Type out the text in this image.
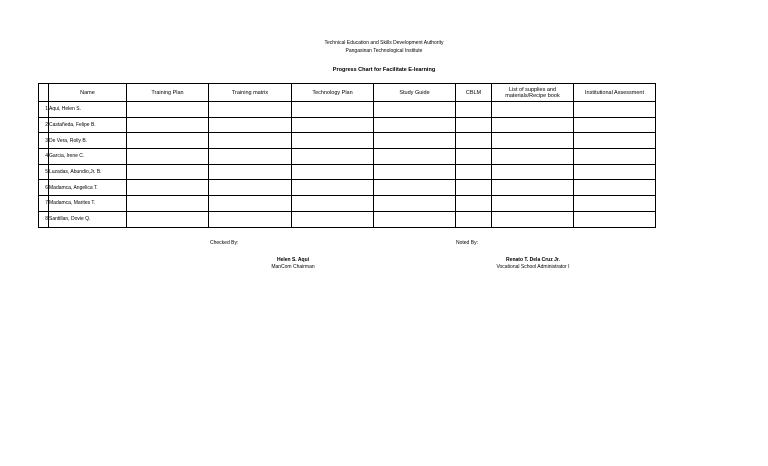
Technical Education and Skills Development Authority
Pangasinan Technological Institute
Progress Chart for Facilitate E-learning
	Name	Training Plan	Training matrix	Technology Plan	Study Guide	CBLM	List of supplies and materials/Recipe book	Institutional Assessment
1	Aqui, Helen S.							
2	Castañeda, Felipe B.							
3	De Vera, Rolly B.							
4	Garcia, Irene C.							
5	Luzadas, Abundio,Jr. B.							
6	Madamca, Angelica T.							
7	Madamca, Marites T.							
8	Santillan, Dovie Q.							
Checked By:	Noted By:
Helen S. Aqui
ManCom Chairman
Renato T. Dela Cruz Jr.
Vocational School Administrator I
